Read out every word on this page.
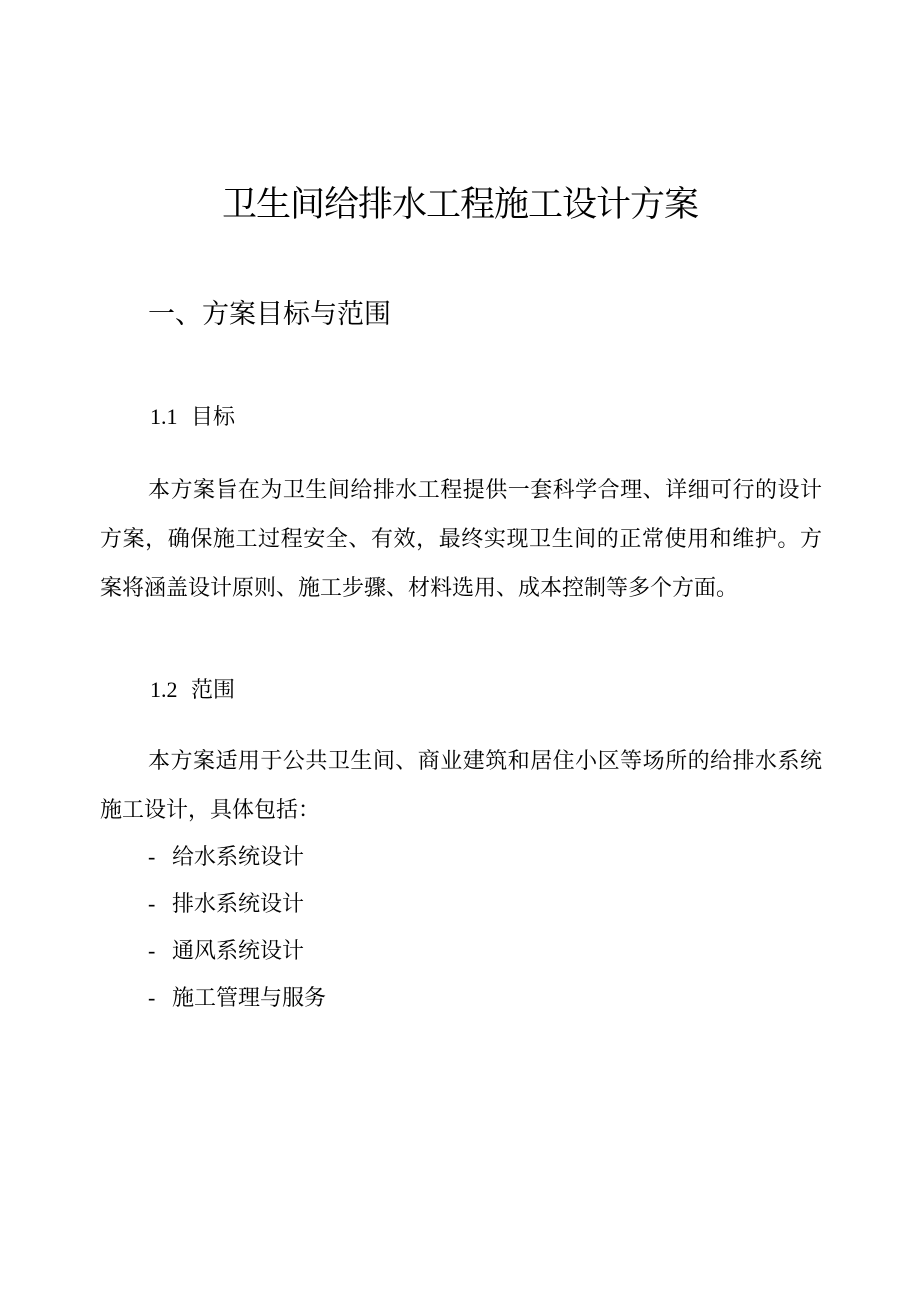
卫生间给排水工程施工设计方案
一、方案目标与范围
1.1 目标

本方案旨在为卫生间给排水工程提供一套科学合理、详细可行的设计方案，确保施工过程安全、有效，最终实现卫生间的正常使用和维护。方案将涵盖设计原则、施工步骤、材料选用、成本控制等多个方面。

1.2 范围

本方案适用于公共卫生间、商业建筑和居住小区等场所的给排水系统施工设计，具体包括：

- 给水系统设计
- 排水系统设计
- 通风系统设计
- 施工管理与服务
